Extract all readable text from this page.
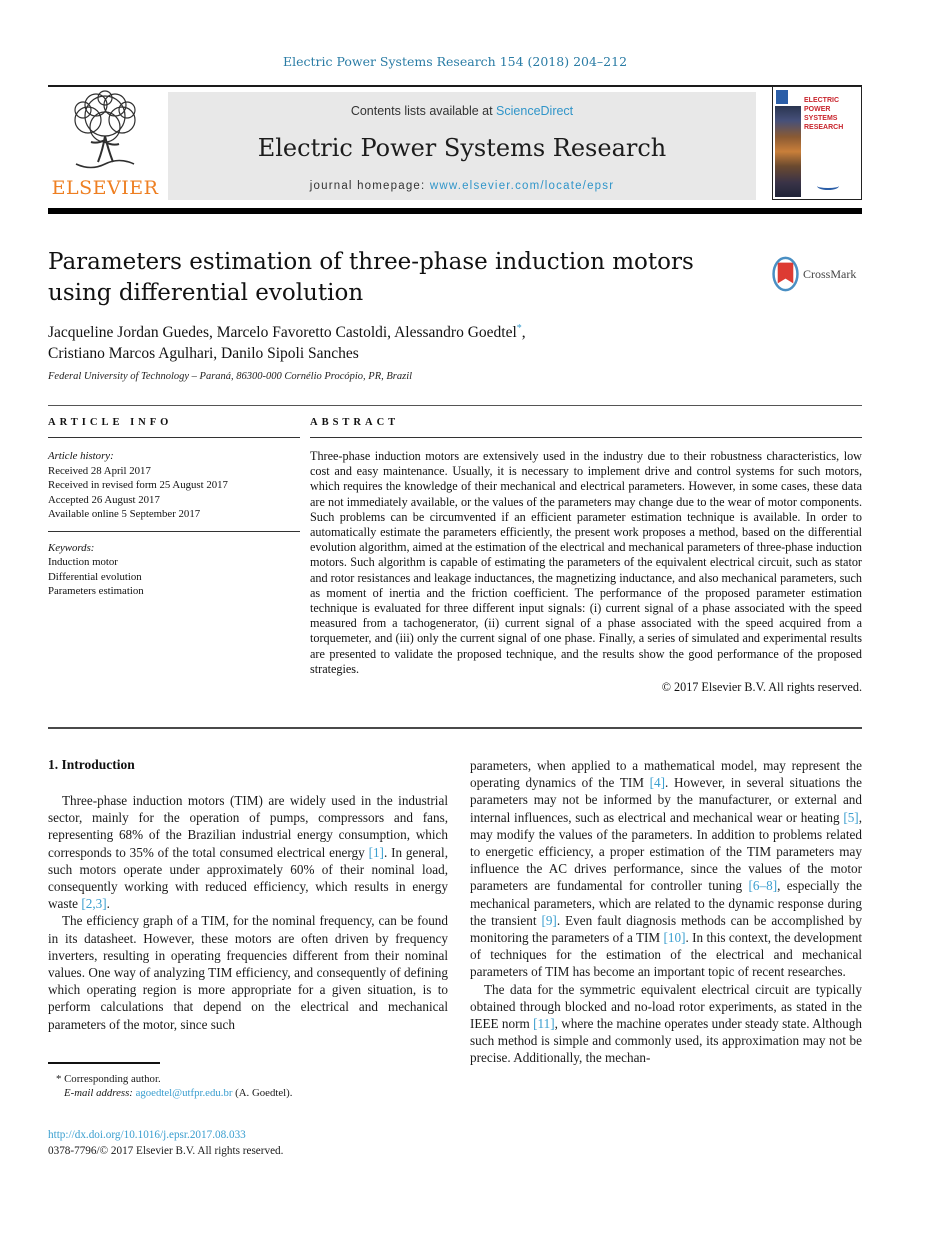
Electric Power Systems Research 154 (2018) 204–212
ELSEVIER
Contents lists available at ScienceDirect
Electric Power Systems Research
journal homepage: www.elsevier.com/locate/epsr
ELECTRIC POWER
SYSTEMS RESEARCH
Parameters estimation of three-phase induction motors using differential evolution
CrossMark
Jacqueline Jordan Guedes, Marcelo Favoretto Castoldi, Alessandro Goedtel*,
Cristiano Marcos Agulhari, Danilo Sipoli Sanches
Federal University of Technology – Paraná, 86300-000 Cornélio Procópio, PR, Brazil
ARTICLE INFO
Article history:
Received 28 April 2017
Received in revised form 25 August 2017
Accepted 26 August 2017
Available online 5 September 2017
Keywords:
Induction motor
Differential evolution
Parameters estimation
ABSTRACT

Three-phase induction motors are extensively used in the industry due to their robustness characteristics, low cost and easy maintenance. Usually, it is necessary to implement drive and control systems for such motors, which requires the knowledge of their mechanical and electrical parameters. However, in some cases, these data are not immediately available, or the values of the parameters may change due to the wear of motor components. Such problems can be circumvented if an efficient parameter estimation technique is available. In order to automatically estimate the parameters efficiently, the present work proposes a method, based on the differential evolution algorithm, aimed at the estimation of the electrical and mechanical parameters of three-phase induction motors. Such algorithm is capable of estimating the parameters of the equivalent electrical circuit, such as stator and rotor resistances and leakage inductances, the magnetizing inductance, and also mechanical parameters, such as moment of inertia and the friction coefficient. The performance of the proposed parameter estimation technique is evaluated for three different input signals: (i) current signal of a phase associated with the speed measured from a tachogenerator, (ii) current signal of a phase associated with the speed acquired from a torquemeter, and (iii) only the current signal of one phase. Finally, a series of simulated and experimental results are presented to validate the proposed technique, and the results show the good performance of the proposed strategies.

© 2017 Elsevier B.V. All rights reserved.
1. Introduction

Three-phase induction motors (TIM) are widely used in the industrial sector, mainly for the operation of pumps, compressors and fans, representing 68% of the Brazilian industrial energy consumption, which corresponds to 35% of the total consumed electrical energy [1]. In general, such motors operate under approximately 60% of their nominal load, consequently working with reduced efficiency, which results in energy waste [2,3].

The efficiency graph of a TIM, for the nominal frequency, can be found in its datasheet. However, these motors are often driven by frequency inverters, resulting in operating frequencies different from their nominal values. One way of analyzing TIM efficiency, and consequently of defining which operating region is more appropriate for a given situation, is to perform calculations that depend on the electrical and mechanical parameters of the motor, since such

parameters, when applied to a mathematical model, may represent the operating dynamics of the TIM [4]. However, in several situations the parameters may not be informed by the manufacturer, or external and internal influences, such as electrical and mechanical wear or heating [5], may modify the values of the parameters. In addition to problems related to energetic efficiency, a proper estimation of the TIM parameters may influence the AC drives performance, since the values of the motor parameters are fundamental for controller tuning [6–8], especially the mechanical parameters, which are related to the dynamic response during the transient [9]. Even fault diagnosis methods can be accomplished by monitoring the parameters of a TIM [10]. In this context, the development of techniques for the estimation of the electrical and mechanical parameters of TIM has become an important topic of recent researches.

The data for the symmetric equivalent electrical circuit are typically obtained through blocked and no-load rotor experiments, as stated in the IEEE norm [11], where the machine operates under steady state. Although such method is simple and commonly used, its approximation may not be precise. Additionally, the mechan-

* Corresponding author.
E-mail address: agoedtel@utfpr.edu.br (A. Goedtel).
http://dx.doi.org/10.1016/j.epsr.2017.08.033
0378-7796/© 2017 Elsevier B.V. All rights reserved.
